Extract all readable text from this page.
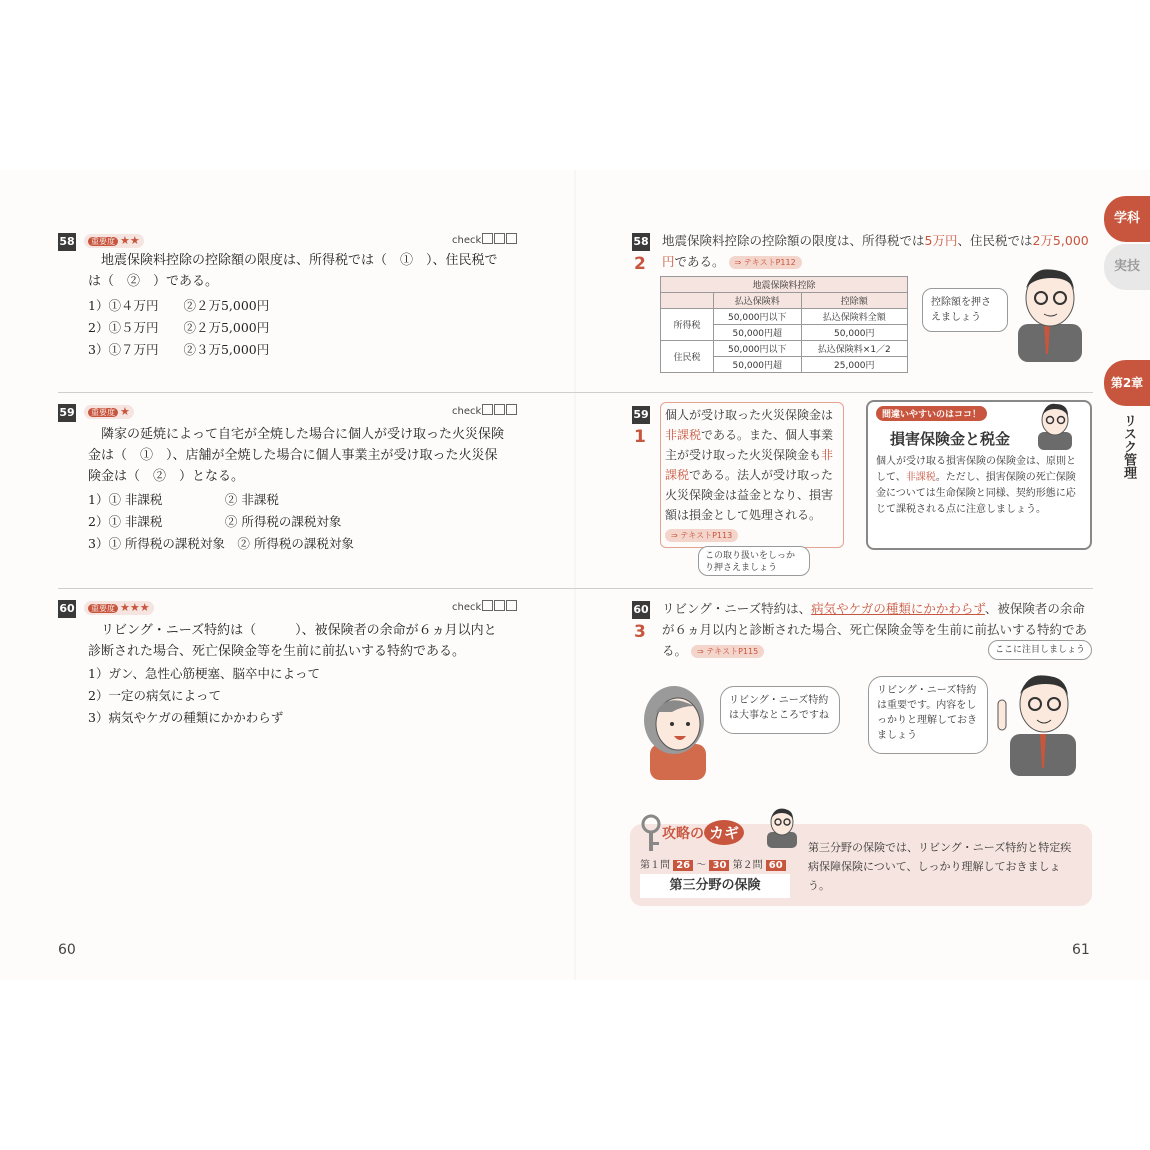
58	重要度 ★★	check
　地震保険料控除の控除額の限度は、所得税では（　①　）、住民税で
は（　②　）である。
1）①４万円　　②２万5,000円
2）①５万円　　②２万5,000円
3）①７万円　　②３万5,000円
59	重要度 ★	check
　隣家の延焼によって自宅が全焼した場合に個人が受け取った火災保険
金は（　①　）、店舗が全焼した場合に個人事業主が受け取った火災保
険金は（　②　）となる。
1）① 非課税　　　　　② 非課税
2）① 非課税　　　　　② 所得税の課税対象
3）① 所得税の課税対象　② 所得税の課税対象
60	重要度 ★★★	check
　リビング・ニーズ特約は（　　　）、被保険者の余命が６ヵ月以内と
診断された場合、死亡保険金等を生前に前払いする特約である。
1）ガン、急性心筋梗塞、脳卒中によって
2）一定の病気によって
3）病気やケガの種類にかかわらず
60
学科
実技
第2章
リスク管理
58
2
地震保険料控除の控除額の限度は、所得税では5万円、住民税では2万5,000円である。 ⇒ テキストP112
地震保険料控除		
	払込保険料	控除額
所得税	50,000円以下	払込保険料全額
	50,000円超	50,000円
住民税	50,000円以下	払込保険料×1／2
	50,000円超	25,000円
控除額を押さえましょう
59
1
個人が受け取った火災保険金は非課税である。また、個人事業主が受け取った火災保険金も非課税である。法人が受け取った火災保険金は益金となり、損害額は損金として処理される。
⇒ テキストP113
この取り扱いをしっかり押さえましょう
間違いやすいのはココ！
損害保険金と税金
個人が受け取る損害保険の保険金は、原則として、非課税。ただし、損害保険の死亡保険金については生命保険と同様、契約形態に応じて課税される点に注意しましょう。
60
3
リビング・ニーズ特約は、病気やケガの種類にかかわらず、被保険者の余命が６ヵ月以内と診断された場合、死亡保険金等を生前に前払いする特約である。 ⇒ テキストP115	ここに注目しましょう
リビング・ニーズ特約は大事なところですね
リビング・ニーズ特約は重要です。内容をしっかりと理解しておきましょう
攻略の カギ
第１問 26 〜 30 第２問 60
第三分野の保険
第三分野の保険では、リビング・ニーズ特約と特定疾病保障保険について、しっかり理解しておきましょう。
61
